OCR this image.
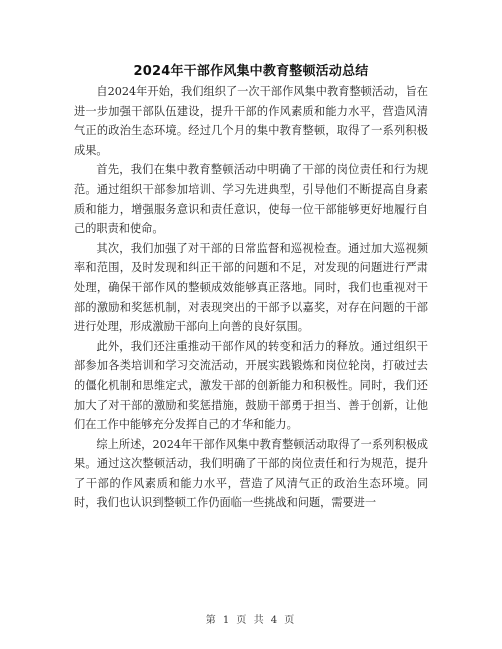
2024年干部作风集中教育整顿活动总结

自2024年开始，我们组织了一次干部作风集中教育整顿活动，旨在进一步加强干部队伍建设，提升干部的作风素质和能力水平，营造风清气正的政治生态环境。经过几个月的集中教育整顿，取得了一系列积极成果。

首先，我们在集中教育整顿活动中明确了干部的岗位责任和行为规范。通过组织干部参加培训、学习先进典型，引导他们不断提高自身素质和能力，增强服务意识和责任意识，使每一位干部能够更好地履行自己的职责和使命。

其次，我们加强了对干部的日常监督和巡视检查。通过加大巡视频率和范围，及时发现和纠正干部的问题和不足，对发现的问题进行严肃处理，确保干部作风的整顿成效能够真正落地。同时，我们也重视对干部的激励和奖惩机制，对表现突出的干部予以嘉奖，对存在问题的干部进行处理，形成激励干部向上向善的良好氛围。

此外，我们还注重推动干部作风的转变和活力的释放。通过组织干部参加各类培训和学习交流活动，开展实践锻炼和岗位轮岗，打破过去的僵化机制和思维定式，激发干部的创新能力和积极性。同时，我们还加大了对干部的激励和奖惩措施，鼓励干部勇于担当、善于创新，让他们在工作中能够充分发挥自己的才华和能力。

综上所述，2024年干部作风集中教育整顿活动取得了一系列积极成果。通过这次整顿活动，我们明确了干部的岗位责任和行为规范，提升了干部的作风素质和能力水平，营造了风清气正的政治生态环境。同时，我们也认识到整顿工作仍面临一些挑战和问题，需要进一

第 1 页 共 4 页
